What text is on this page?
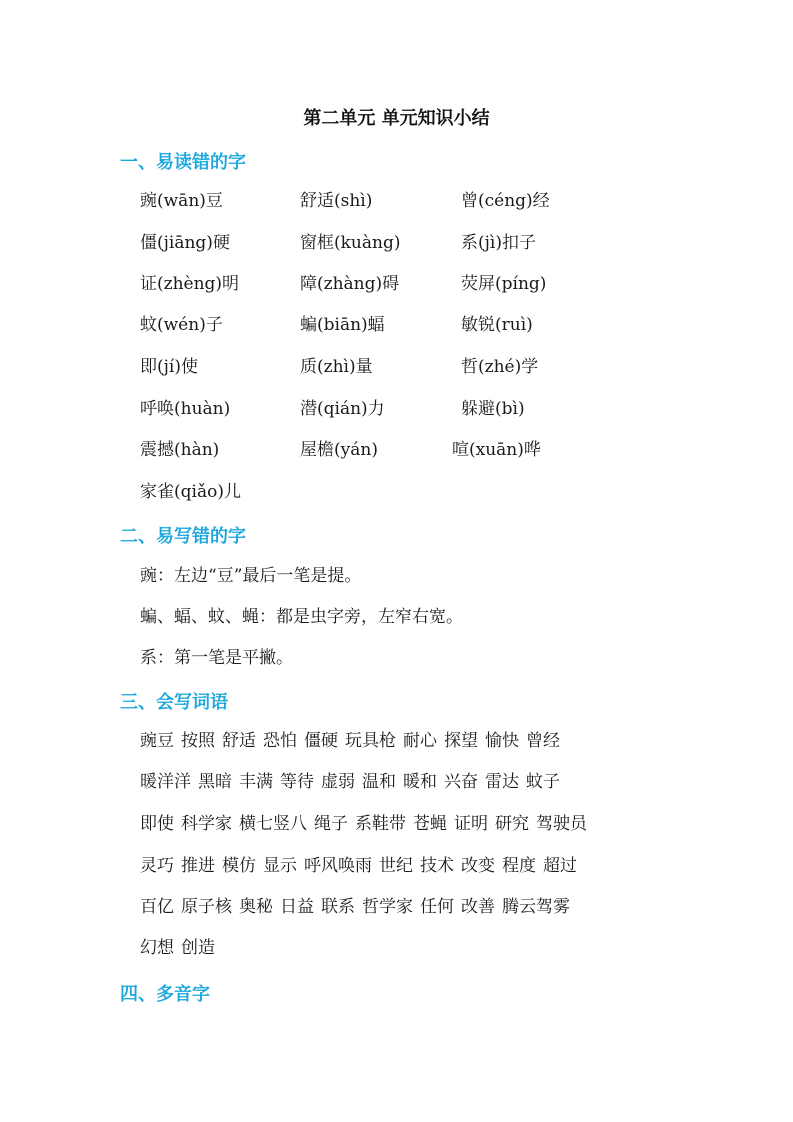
第二单元 单元知识小结
一、易读错的字
豌(wān)豆	舒适(shì)	曾(céng)经
僵(jiāng)硬	窗框(kuàng)	系(jì)扣子
证(zhèng)明	障(zhàng)碍	荧屏(píng)
蚊(wén)子	蝙(biān)蝠	敏锐(ruì)
即(jí)使	质(zhì)量	哲(zhé)学
呼唤(huàn)	潜(qián)力	躲避(bì)
震撼(hàn)	屋檐(yán)	喧(xuān)哗
家雀(qiǎo)儿
二、易写错的字
豌：左边“豆”最后一笔是提。
蝙、蝠、蚊、蝇：都是虫字旁，左窄右宽。
系：第一笔是平撇。
三、会写词语
豌豆 按照 舒适 恐怕 僵硬 玩具枪 耐心 探望 愉快 曾经
暖洋洋 黑暗 丰满 等待 虚弱 温和 暖和 兴奋 雷达 蚊子
即使 科学家 横七竖八 绳子 系鞋带 苍蝇 证明 研究 驾驶员
灵巧 推进 模仿 显示 呼风唤雨 世纪 技术 改变 程度 超过
百亿 原子核 奥秘 日益 联系 哲学家 任何 改善 腾云驾雾
幻想 创造
四、多音字
